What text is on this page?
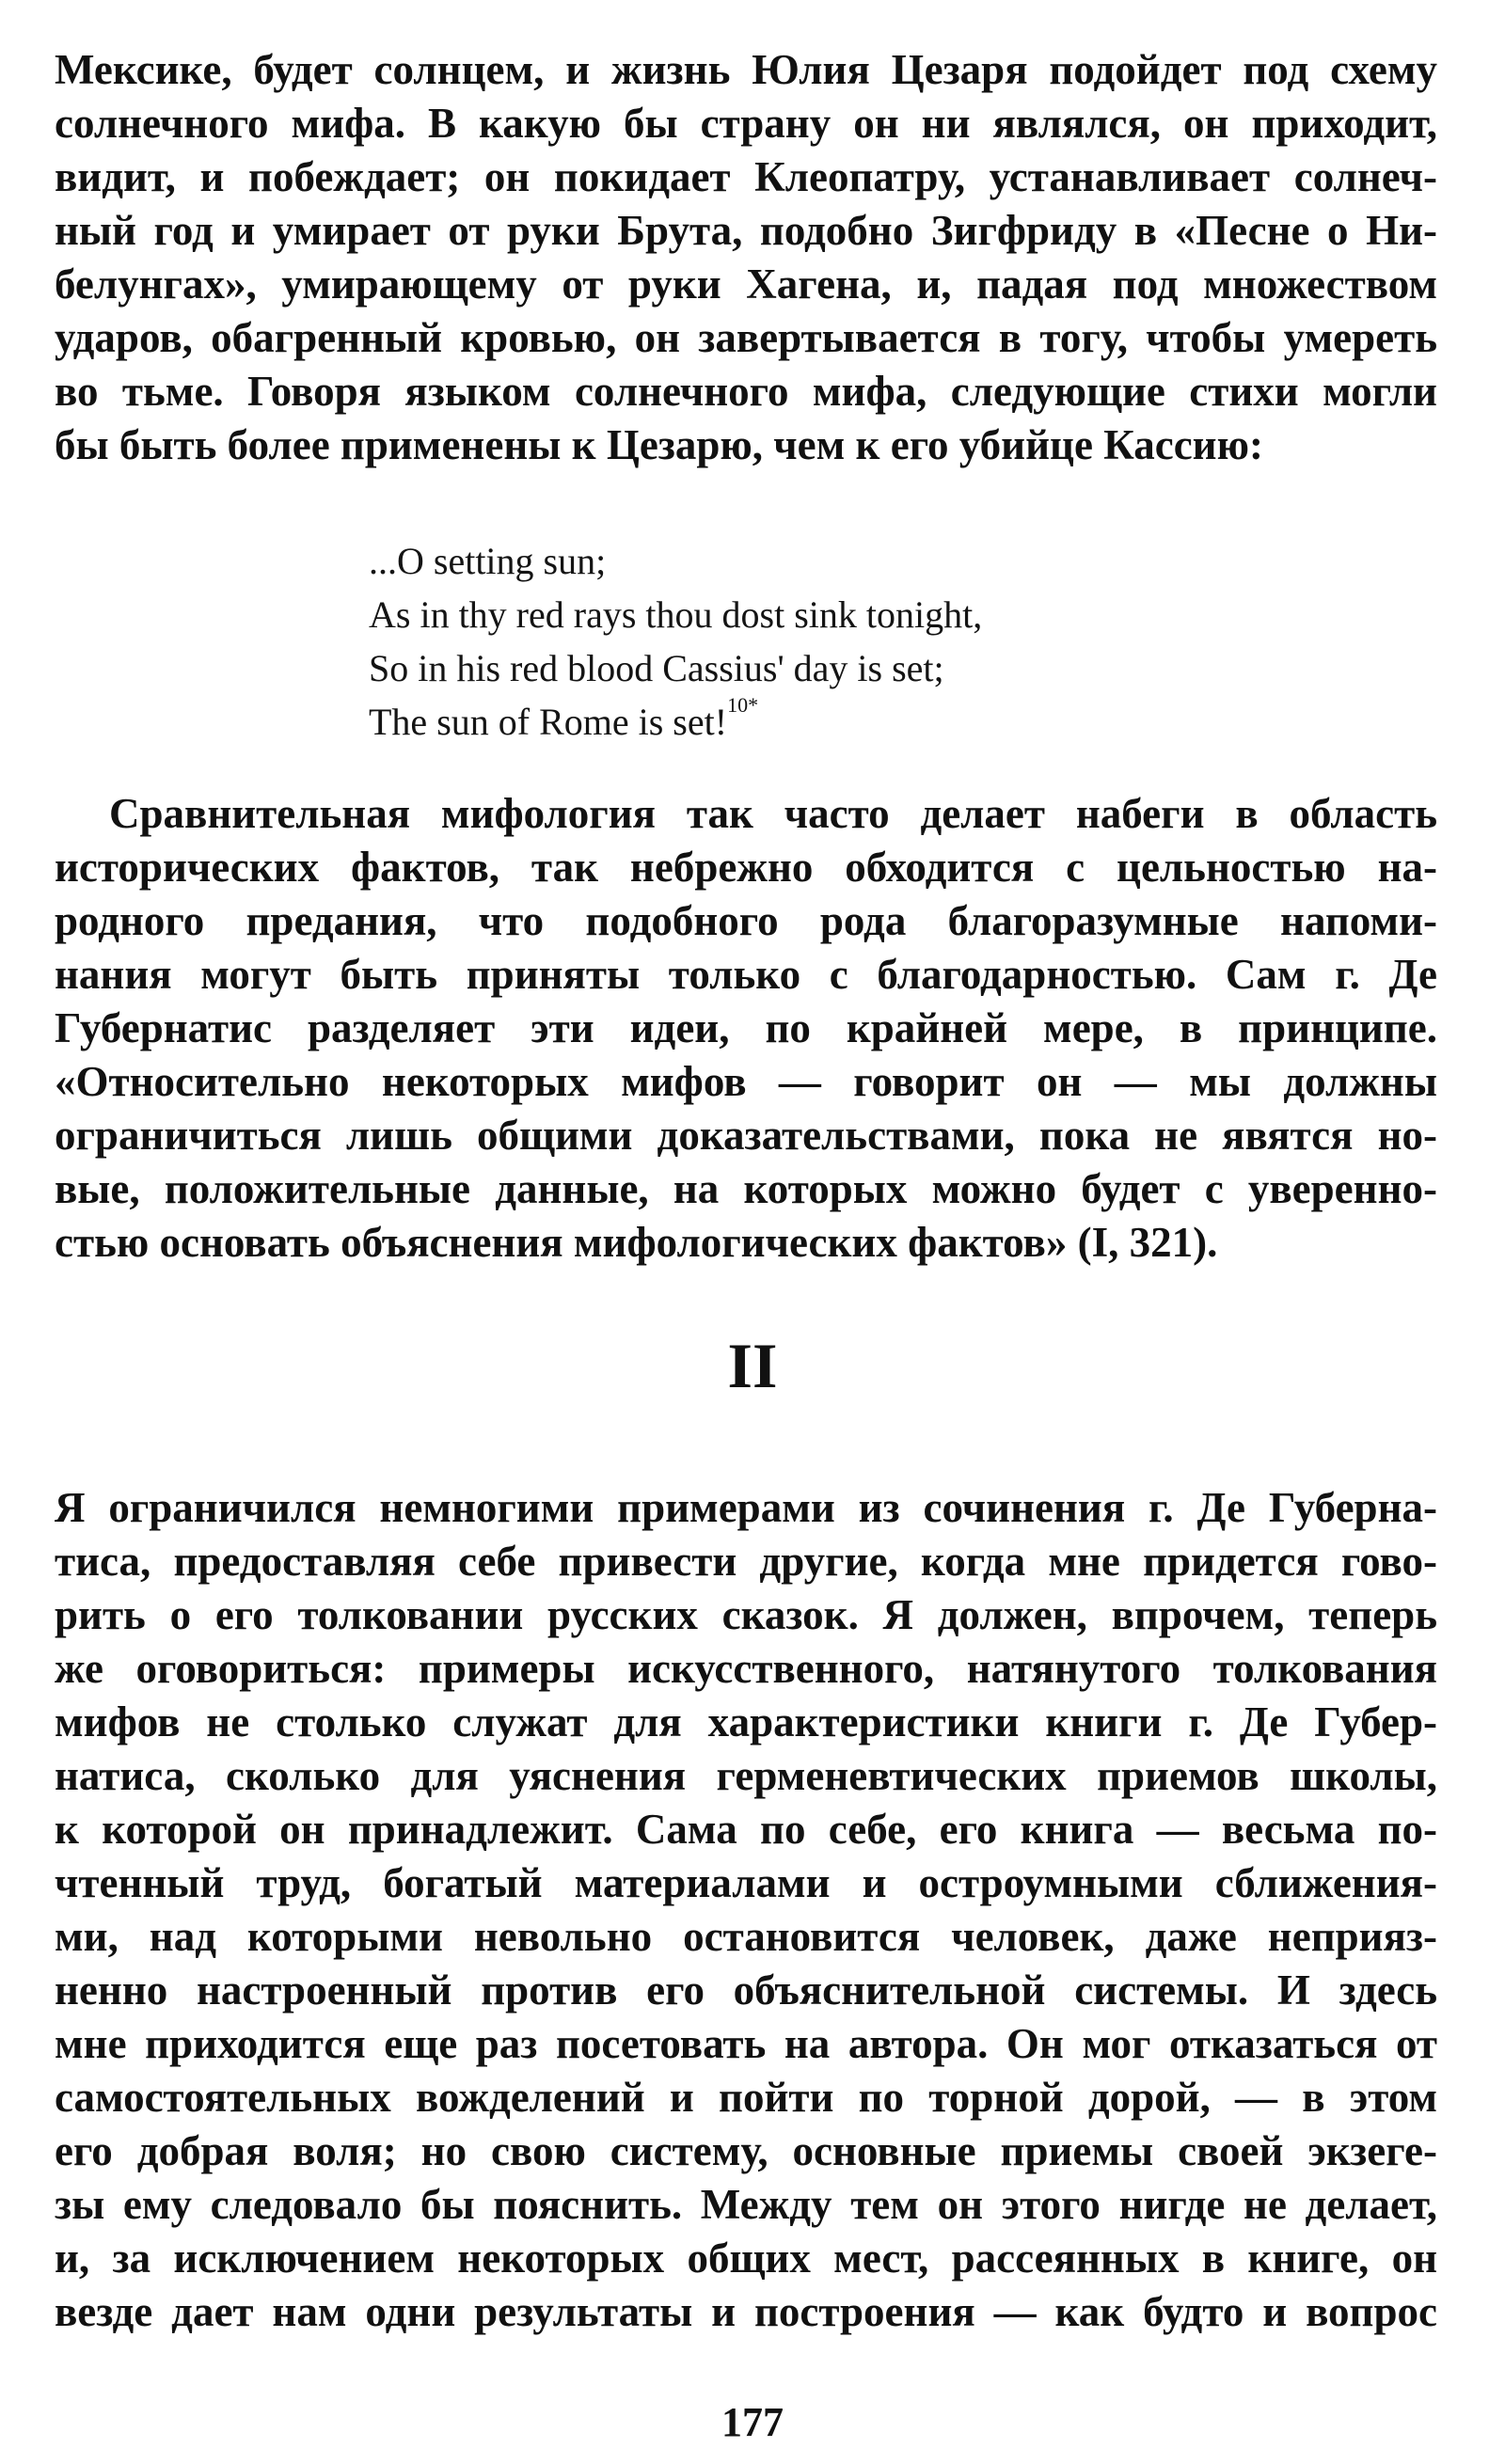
Мексике, будет солнцем, и жизнь Юлия Цезаря подойдет под схему
солнечного мифа. В какую бы страну он ни являлся, он приходит,
видит, и побеждает; он покидает Клеопатру, устанавливает солнеч-
ный год и умирает от руки Брута, подобно Зигфриду в «Песне о Ни-
белунгах», умирающему от руки Хагена, и, падая под множеством
ударов, обагренный кровью, он завертывается в тогу, чтобы умереть
во тьме. Говоря языком солнечного мифа, следующие стихи могли
бы быть более применены к Цезарю, чем к его убийце Кассию:
...O setting sun;
As in thy red rays thou dost sink tonight,
So in his red blood Cassius' day is set;
The sun of Rome is set!$^{10*}$
Сравнительная мифология так часто делает набеги в область
исторических фактов, так небрежно обходится с цельностью на-
родного предания, что подобного рода благоразумные напоми-
нания могут быть приняты только с благодарностью. Сам г. Де
Губернатис разделяет эти идеи, по крайней мере, в принципе.
«Относительно некоторых мифов — говорит он — мы должны
ограничиться лишь общими доказательствами, пока не явятся но-
вые, положительные данные, на которых можно будет с уверенно-
стью основать объяснения мифологических фактов» (I, 321).
II
Я ограничился немногими примерами из сочинения г. Де Губерна-
тиса, предоставляя себе привести другие, когда мне придется гово-
рить о его толковании русских сказок. Я должен, впрочем, теперь
же оговориться: примеры искусственного, натянутого толкования
мифов не столько служат для характеристики книги г. Де Губер-
натиса, сколько для уяснения герменевтических приемов школы,
к которой он принадлежит. Сама по себе, его книга — весьма по-
чтенный труд, богатый материалами и остроумными сближения-
ми, над которыми невольно остановится человек, даже неприяз-
ненно настроенный против его объяснительной системы. И здесь
мне приходится еще раз посетовать на автора. Он мог отказаться от
самостоятельных вожделений и пойти по торной дорой, — в этом
его добрая воля; но свою систему, основные приемы своей экзеге-
зы ему следовало бы пояснить. Между тем он этого нигде не делает,
и, за исключением некоторых общих мест, рассеянных в книге, он
везде дает нам одни результаты и построения — как будто и вопрос
177
